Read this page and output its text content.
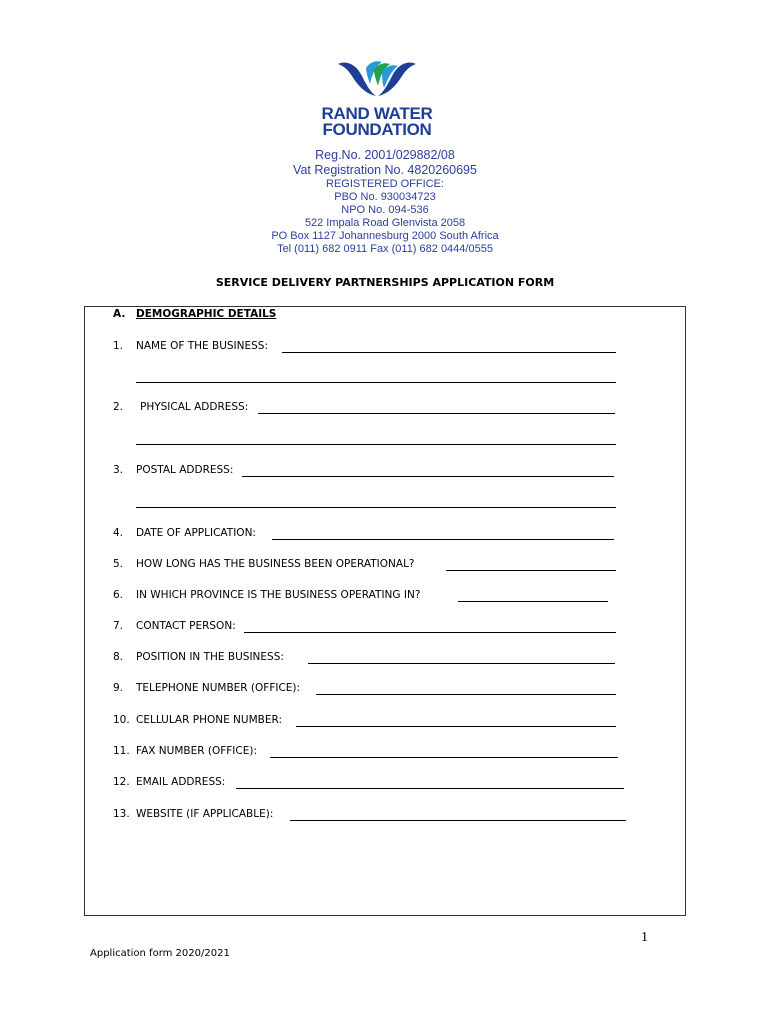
RAND WATER
FOUNDATION
Reg.No. 2001/029882/08
Vat Registration No. 4820260695
REGISTERED OFFICE:
PBO No. 930034723
NPO No. 094-536
522 Impala Road Glenvista 2058
PO Box 1127 Johannesburg 2000 South Africa
Tel (011) 682 0911 Fax (011) 682 0444/0555
SERVICE DELIVERY PARTNERSHIPS APPLICATION FORM
A. DEMOGRAPHIC DETAILS
1. NAME OF THE BUSINESS:
2. PHYSICAL ADDRESS:
3. POSTAL ADDRESS:
4. DATE OF APPLICATION:
5. HOW LONG HAS THE BUSINESS BEEN OPERATIONAL?
6. IN WHICH PROVINCE IS THE BUSINESS OPERATING IN?
7. CONTACT PERSON:
8. POSITION IN THE BUSINESS:
9. TELEPHONE NUMBER (OFFICE):
10. CELLULAR PHONE NUMBER:
11. FAX NUMBER (OFFICE):
12. EMAIL ADDRESS:
13. WEBSITE (IF APPLICABLE):
1
Application form 2020/2021
